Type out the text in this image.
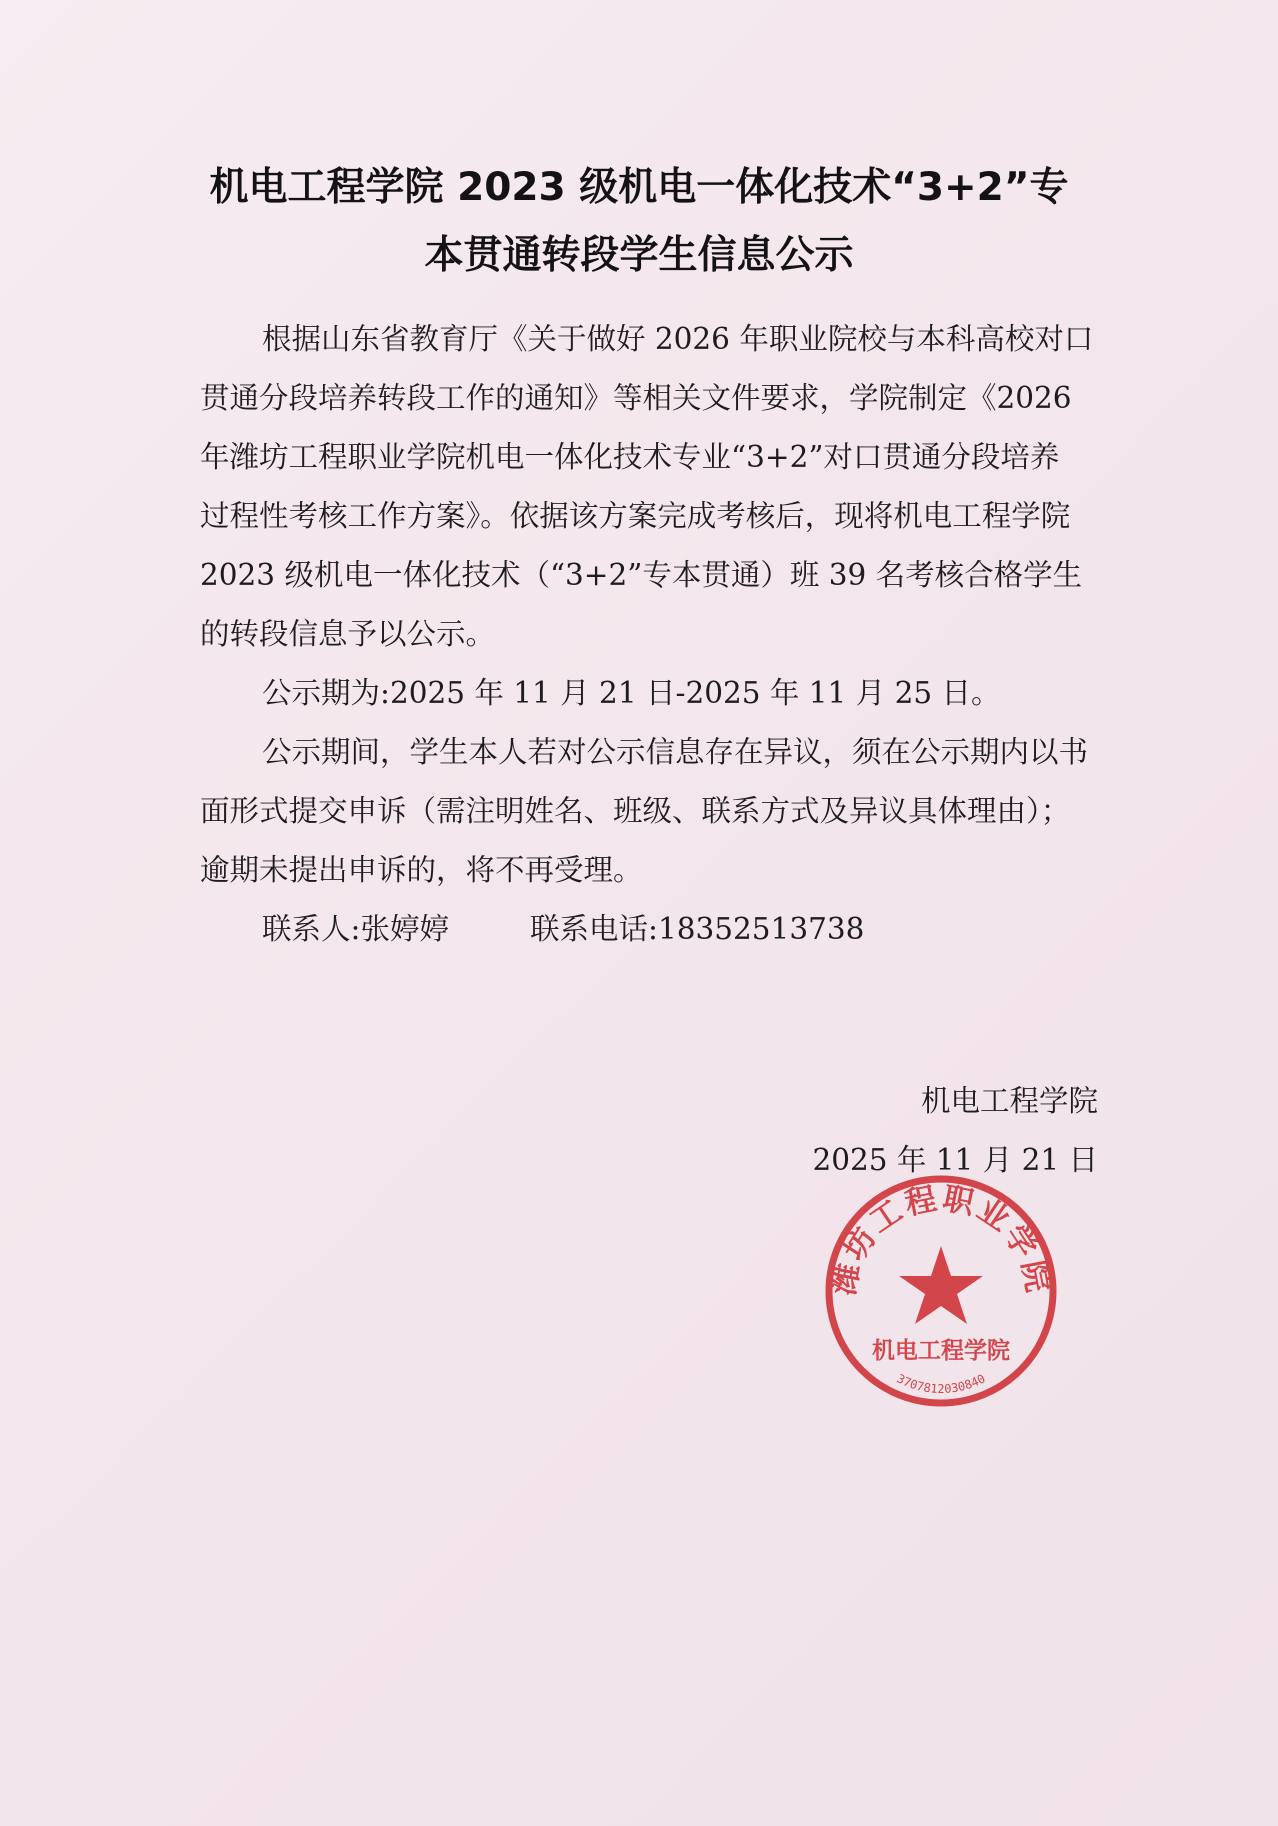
机电工程学院 2023 级机电一体化技术“3+2”专
本贯通转段学生信息公示
根据山东省教育厅《关于做好 2026 年职业院校与本科高校对口
贯通分段培养转段工作的通知》等相关文件要求，学院制定《2026
年潍坊工程职业学院机电一体化技术专业“3+2”对口贯通分段培养
过程性考核工作方案》。依据该方案完成考核后，现将机电工程学院
2023 级机电一体化技术（“3+2”专本贯通）班 39 名考核合格学生
的转段信息予以公示。
公示期为:2025 年 11 月 21 日-2025 年 11 月 25 日。
公示期间，学生本人若对公示信息存在异议，须在公示期内以书
面形式提交申诉（需注明姓名、班级、联系方式及异议具体理由）；
逾期未提出申诉的，将不再受理。
联系人:张婷婷	联系电话:18352513738
机电工程学院
2025 年 11 月 21 日
潍坊工程职业学院
机电工程学院
3707812030840
